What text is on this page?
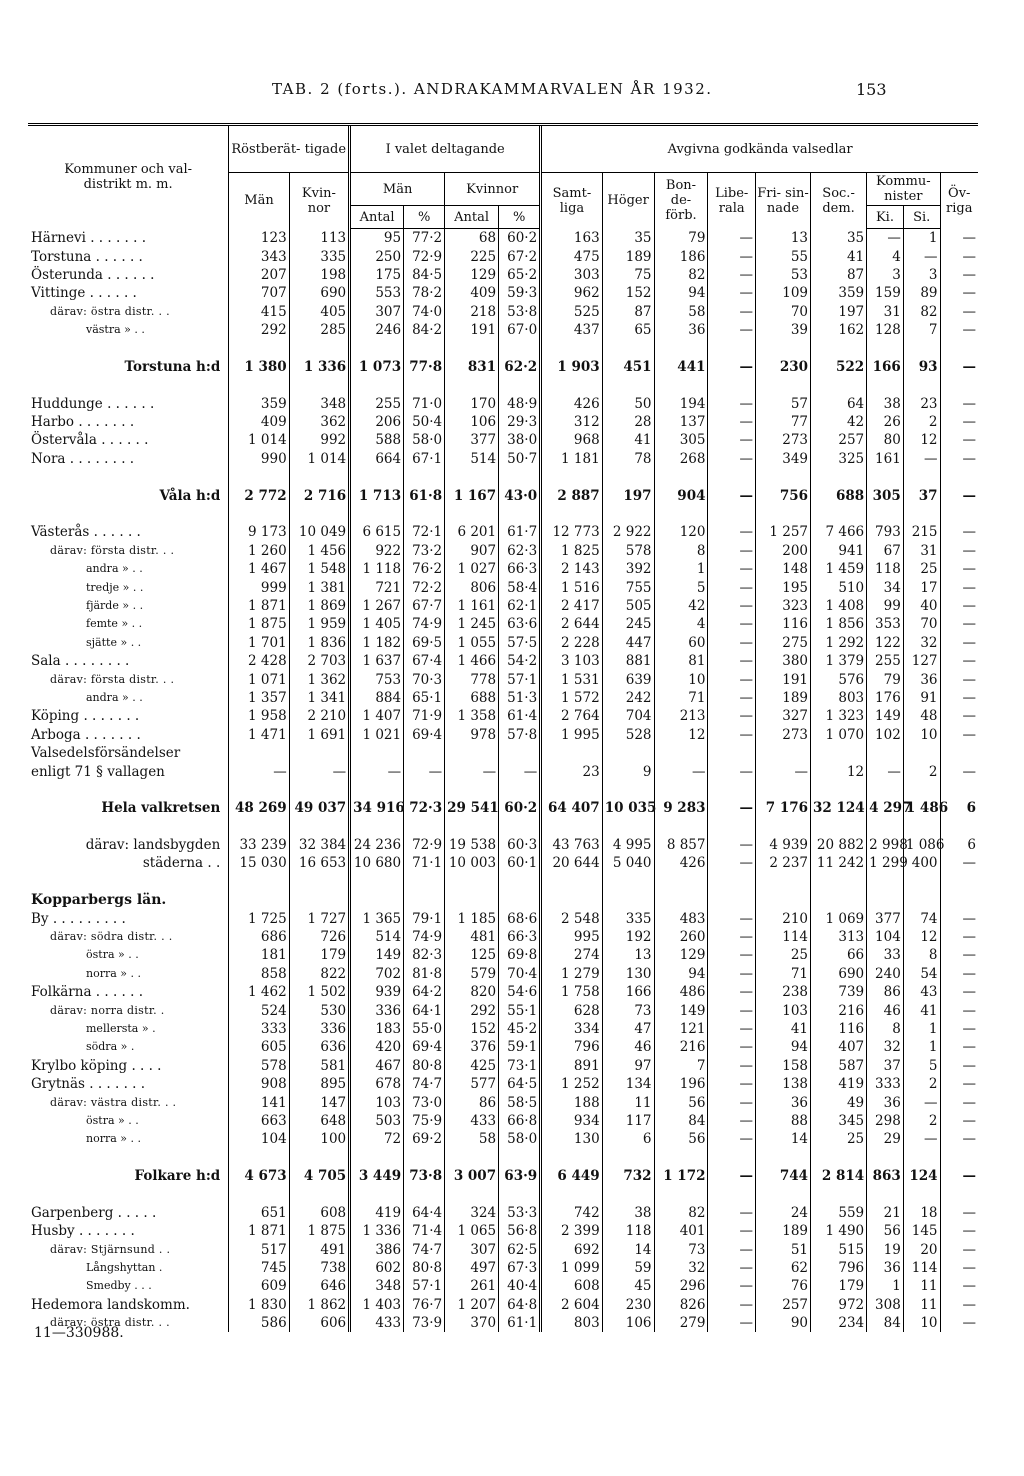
TAB. 2 (forts.). ANDRAKAMMARVALEN ÅR 1932.	153
Kommuner och val- distrikt m. m.	Röstberät- tigade		I valet deltagande				Avgivna godkända valsedlar								
	Män	Kvin- nor	Män		Kvinnor		Samt- liga	Höger	Bon- de- förb.	Libe- rala	Fri- sin- nade	Soc.- dem.	Kommu- nister		Öv- riga
			Antal	%	Antal	%							Ki.	Si.	
Härnevi . . . . . . .	123	113	95	77·2	68	60·2	163	35	79	—	13	35	—	1	—
Torstuna . . . . . .	343	335	250	72·9	225	67·2	475	189	186	—	55	41	4	—	—
Österunda . . . . . .	207	198	175	84·5	129	65·2	303	75	82	—	53	87	3	3	—
Vittinge . . . . . .	707	690	553	78·2	409	59·3	962	152	94	—	109	359	159	89	—
därav: östra distr. . .	415	405	307	74·0	218	53·8	525	87	58	—	70	197	31	82	—
västra » . .	292	285	246	84·2	191	67·0	437	65	36	—	39	162	128	7	—

Torstuna h:d	1 380	1 336	1 073	77·8	831	62·2	1 903	451	441	—	230	522	166	93	—

Huddunge . . . . . .	359	348	255	71·0	170	48·9	426	50	194	—	57	64	38	23	—
Harbo . . . . . . .	409	362	206	50·4	106	29·3	312	28	137	—	77	42	26	2	—
Östervåla . . . . . .	1 014	992	588	58·0	377	38·0	968	41	305	—	273	257	80	12	—
Nora . . . . . . . .	990	1 014	664	67·1	514	50·7	1 181	78	268	—	349	325	161	—	—

Våla h:d	2 772	2 716	1 713	61·8	1 167	43·0	2 887	197	904	—	756	688	305	37	—

Västerås . . . . . .	9 173	10 049	6 615	72·1	6 201	61·7	12 773	2 922	120	—	1 257	7 466	793	215	—
därav: första distr. . .	1 260	1 456	922	73·2	907	62·3	1 825	578	8	—	200	941	67	31	—
andra » . .	1 467	1 548	1 118	76·2	1 027	66·3	2 143	392	1	—	148	1 459	118	25	—
tredje » . .	999	1 381	721	72·2	806	58·4	1 516	755	5	—	195	510	34	17	—
fjärde » . .	1 871	1 869	1 267	67·7	1 161	62·1	2 417	505	42	—	323	1 408	99	40	—
femte » . .	1 875	1 959	1 405	74·9	1 245	63·6	2 644	245	4	—	116	1 856	353	70	—
sjätte » . .	1 701	1 836	1 182	69·5	1 055	57·5	2 228	447	60	—	275	1 292	122	32	—
Sala . . . . . . . .	2 428	2 703	1 637	67·4	1 466	54·2	3 103	881	81	—	380	1 379	255	127	—
därav: första distr. . .	1 071	1 362	753	70·3	778	57·1	1 531	639	10	—	191	576	79	36	—
andra » . .	1 357	1 341	884	65·1	688	51·3	1 572	242	71	—	189	803	176	91	—
Köping . . . . . . .	1 958	2 210	1 407	71·9	1 358	61·4	2 764	704	213	—	327	1 323	149	48	—
Arboga . . . . . . .	1 471	1 691	1 021	69·4	978	57·8	1 995	528	12	—	273	1 070	102	10	—
Valsedelsförsändelser															
enligt 71 § vallagen	—	—	—	—	—	—	23	9	—	—	—	12	—	2	—

Hela valkretsen	48 269	49 037	34 916	72·3	29 541	60·2	64 407	10 035	9 283	—	7 176	32 124	4 297	1 486	6

därav: landsbygden	33 239	32 384	24 236	72·9	19 538	60·3	43 763	4 995	8 857	—	4 939	20 882	2 998	1 086	6
städerna . .	15 030	16 653	10 680	71·1	10 003	60·1	20 644	5 040	426	—	2 237	11 242	1 299	400	—

Kopparbergs län.															
By . . . . . . . . .	1 725	1 727	1 365	79·1	1 185	68·6	2 548	335	483	—	210	1 069	377	74	—
därav: södra distr. . .	686	726	514	74·9	481	66·3	995	192	260	—	114	313	104	12	—
östra » . .	181	179	149	82·3	125	69·8	274	13	129	—	25	66	33	8	—
norra » . .	858	822	702	81·8	579	70·4	1 279	130	94	—	71	690	240	54	—
Folkärna . . . . . .	1 462	1 502	939	64·2	820	54·6	1 758	166	486	—	238	739	86	43	—
därav: norra distr. .	524	530	336	64·1	292	55·1	628	73	149	—	103	216	46	41	—
mellersta » .	333	336	183	55·0	152	45·2	334	47	121	—	41	116	8	1	—
södra » .	605	636	420	69·4	376	59·1	796	46	216	—	94	407	32	1	—
Krylbo köping . . . .	578	581	467	80·8	425	73·1	891	97	7	—	158	587	37	5	—
Grytnäs . . . . . . .	908	895	678	74·7	577	64·5	1 252	134	196	—	138	419	333	2	—
därav: västra distr. . .	141	147	103	73·0	86	58·5	188	11	56	—	36	49	36	—	—
östra » . .	663	648	503	75·9	433	66·8	934	117	84	—	88	345	298	2	—
norra » . .	104	100	72	69·2	58	58·0	130	6	56	—	14	25	29	—	—

Folkare h:d	4 673	4 705	3 449	73·8	3 007	63·9	6 449	732	1 172	—	744	2 814	863	124	—

Garpenberg . . . . .	651	608	419	64·4	324	53·3	742	38	82	—	24	559	21	18	—
Husby . . . . . . .	1 871	1 875	1 336	71·4	1 065	56·8	2 399	118	401	—	189	1 490	56	145	—
därav: Stjärnsund . .	517	491	386	74·7	307	62·5	692	14	73	—	51	515	19	20	—
Långshyttan .	745	738	602	80·8	497	67·3	1 099	59	32	—	62	796	36	114	—
Smedby . . .	609	646	348	57·1	261	40·4	608	45	296	—	76	179	1	11	—
Hedemora landskomm.	1 830	1 862	1 403	76·7	1 207	64·8	2 604	230	826	—	257	972	308	11	—
därav: östra distr. . .	586	606	433	73·9	370	61·1	803	106	279	—	90	234	84	10	—
11—330988.
